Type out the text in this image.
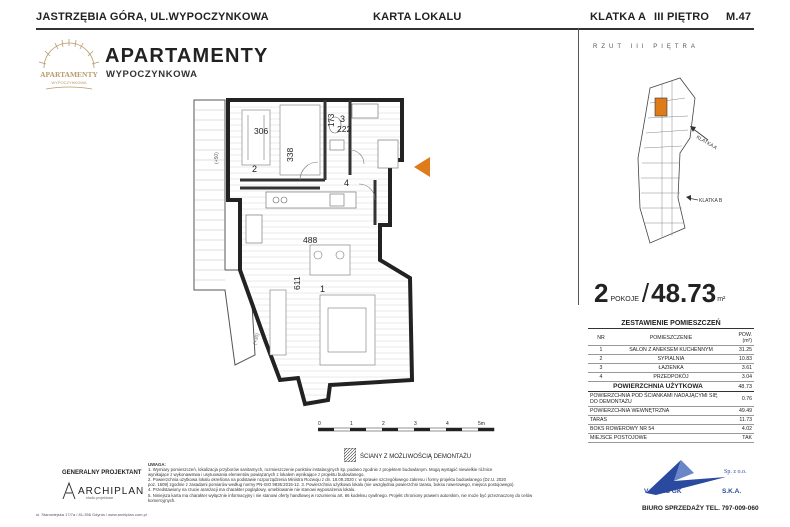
JASTRZĘBIA GÓRA, UL.WYPOCZYNKOWA	KARTA LOKALU	KLATKA A III PIĘTRO M.47
APARTAMENTY
WYPOCZYNKOWA
APARTAMENTY
WYPOCZYNKOWA
306
338
173
222
488
611 1
2
3
4
(+50)
(+30)
0	1	2	3	4	5m
ŚCIANY Z MOŻLIWOŚCIĄ DEMONTAŻU
RZUT III PIĘTRA
KLATKA A
KLATKA B
2 POKOJE / 48.73 m²
ZESTAWIENIE POMIESZCZEŃ
NR	POMIESZCZENIE	POW. (m²)
1	SALON Z ANEKSEM KUCHENNYM	31.25
2	SYPIALNIA	10.83
3	ŁAZIENKA	3.61
4	PRZEDPOKÓJ	3.04
POWIERZCHNIA UŻYTKOWA		48.73
POWIERZCHNIA POD ŚCIANKAMI NADAJĄCYMI SIĘ DO DEMONTAŻU		0.76
POWIERZCHNIA WEWNĘTRZNA		49.49
TARAS		11.73
BOKS ROWEROWY NR 54		4.02
MIEJSCE POSTOJOWE		TAK
UWAGA:
1. Wymiary pomieszczeń, lokalizacja przyborów sanitarnych, rozmieszczenie punktów instalacyjnych itp. podano zgodnie z projektem budowlanym. Mogą wystąpić niewielkie różnice
wynikające z wykonawstwa i usytuowania elementów powiązanych z lokalem wynikające z projektu budowlanego.
2. Powierzchnia użytkowa lokalu określona na podstawie rozporządzenia Ministra Rozwoju z dn. 18.09.2020 r. w sprawie szczegółowego zakresu i formy projektu budowlanego (Dz.U. 2020
poz. 1609) zgodnie z zasadami pomiarów według normy PN-ISO 9836:2015-12. 3. Powierzchnia użytkowa lokalu (nie uwzględnia powierzchni tarasu, boksu rowerowego, miejsca postojowego).
4. Przedstawiony na rzucie aranżacji ma charakter poglądowy, umeblowanie nie stanowi wyposażenia lokalu.
5. Niniejsza karta ma charakter wyłącznie informacyjny i nie stanowi oferty handlowej w rozumieniu art. 66 kodeksu cywilnego. Projekt chroniony prawem autorskim, nie może być przeznaczony do celów
komercyjnych.
GENERALNY PROJEKTANT
ARCHIPLAN
studio projektowe
ul. Starowiejska 17/7a / 81-356 Gdynia / www.archiplan.com.pl
V ELMIS GK
Sp. z o.o.
S.K.A.
BIURO SPRZEDAŻY TEL. 797-009-060
